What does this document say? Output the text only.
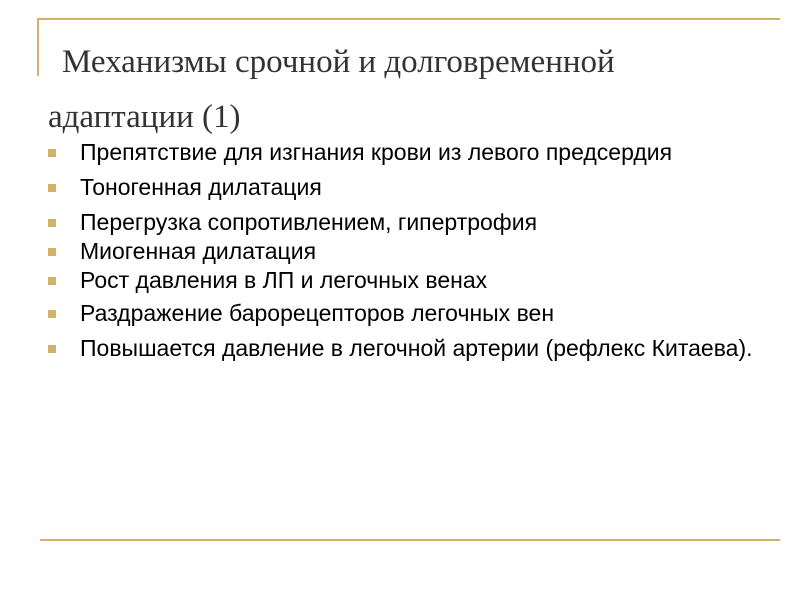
Механизмы срочной и долговременной
адаптации (1)
Препятствие для изгнания крови из левого предсердия
Тоногенная дилатация
Перегрузка сопротивлением, гипертрофия
Миогенная дилатация
Рост давления в ЛП и легочных венах
Раздражение барорецепторов легочных вен
Повышается давление в легочной артерии (рефлекс Китаева).
